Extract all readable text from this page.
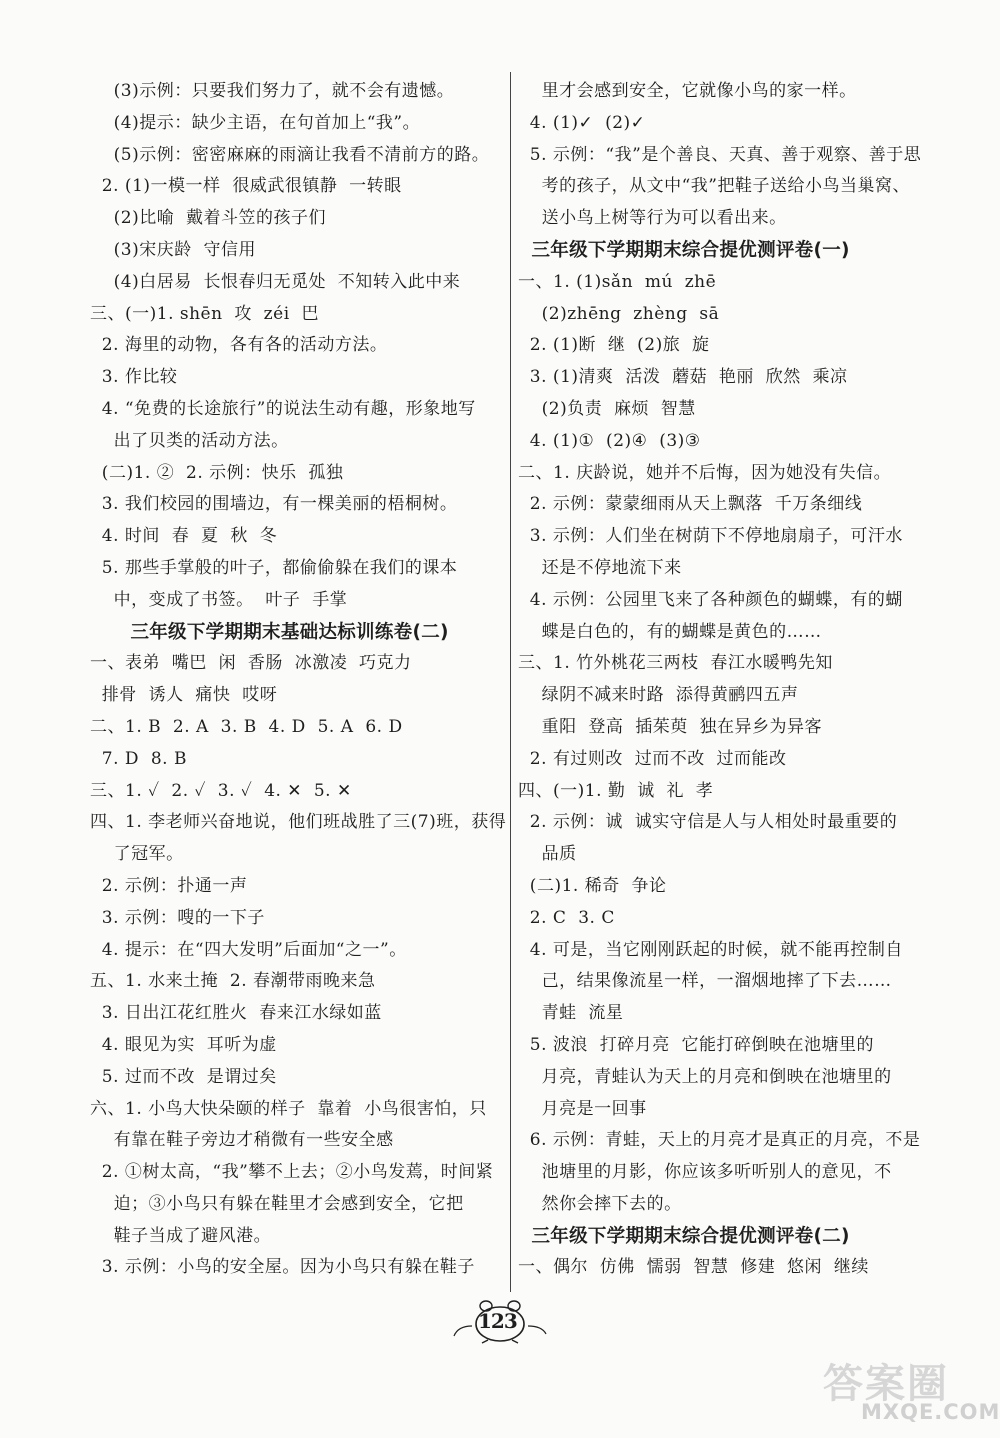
(3)示例：只要我们努力了，就不会有遗憾。
(4)提示：缺少主语，在句首加上“我”。
(5)示例：密密麻麻的雨滴让我看不清前方的路。
2. (1)一模一样  很威武很镇静  一转眼
(2)比喻  戴着斗笠的孩子们
(3)宋庆龄  守信用
(4)白居易  长恨春归无觅处  不知转入此中来
三、(一)1. shēn  攻  zéi  巴
2. 海里的动物，各有各的活动方法。
3. 作比较
4. “免费的长途旅行”的说法生动有趣，形象地写
出了贝类的活动方法。
(二)1. ②  2. 示例：快乐  孤独
3. 我们校园的围墙边，有一棵美丽的梧桐树。
4. 时间  春  夏  秋  冬
5. 那些手掌般的叶子，都偷偷躲在我们的课本
中，变成了书签。  叶子  手掌
三年级下学期期末基础达标训练卷(二)
一、表弟  嘴巴  闲  香肠  冰激凌  巧克力
排骨  诱人  痛快  哎呀
二、1. B  2. A  3. B  4. D  5. A  6. D
7. D  8. B
三、1. ✓  2. ✓  3. ✓  4. ✕  5. ✕
四、1. 李老师兴奋地说，他们班战胜了三(7)班，获得
了冠军。
2. 示例：扑通一声
3. 示例：嗖的一下子
4. 提示：在“四大发明”后面加“之一”。
五、1. 水来土掩  2. 春潮带雨晚来急
3. 日出江花红胜火  春来江水绿如蓝
4. 眼见为实  耳听为虚
5. 过而不改  是谓过矣
六、1. 小鸟大快朵颐的样子  靠着  小鸟很害怕，只
有靠在鞋子旁边才稍微有一些安全感
2. ①树太高，“我”攀不上去；②小鸟发蔫，时间紧
迫；③小鸟只有躲在鞋里才会感到安全，它把
鞋子当成了避风港。
3. 示例：小鸟的安全屋。因为小鸟只有躲在鞋子
里才会感到安全，它就像小鸟的家一样。
4. (1)✓  (2)✓
5. 示例：“我”是个善良、天真、善于观察、善于思
考的孩子，从文中“我”把鞋子送给小鸟当巢窝、
送小鸟上树等行为可以看出来。
三年级下学期期末综合提优测评卷(一)
一、1. (1)sǎn  mú  zhē
(2)zhēng  zhèng  sā
2. (1)断  继  (2)旅  旋
3. (1)清爽  活泼  蘑菇  艳丽  欣然  乘凉
(2)负责  麻烦  智慧
4. (1)①  (2)④  (3)③
二、1. 庆龄说，她并不后悔，因为她没有失信。
2. 示例：蒙蒙细雨从天上飘落  千万条细线
3. 示例：人们坐在树荫下不停地扇扇子，可汗水
还是不停地流下来
4. 示例：公园里飞来了各种颜色的蝴蝶，有的蝴
蝶是白色的，有的蝴蝶是黄色的……
三、1. 竹外桃花三两枝  春江水暖鸭先知
绿阴不减来时路  添得黄鹂四五声
重阳  登高  插茱萸  独在异乡为异客
2. 有过则改  过而不改  过而能改
四、(一)1. 勤  诚  礼  孝
2. 示例：诚  诚实守信是人与人相处时最重要的
品质
(二)1. 稀奇  争论
2. C  3. C
4. 可是，当它刚刚跃起的时候，就不能再控制自
己，结果像流星一样，一溜烟地摔了下去……
青蛙  流星
5. 波浪  打碎月亮  它能打碎倒映在池塘里的
月亮，青蛙认为天上的月亮和倒映在池塘里的
月亮是一回事
6. 示例：青蛙，天上的月亮才是真正的月亮，不是
池塘里的月影，你应该多听听别人的意见，不
然你会摔下去的。
三年级下学期期末综合提优测评卷(二)
一、偶尔  仿佛  懦弱  智慧  修建  悠闲  继续
123
答案圈
MXQE.COM
